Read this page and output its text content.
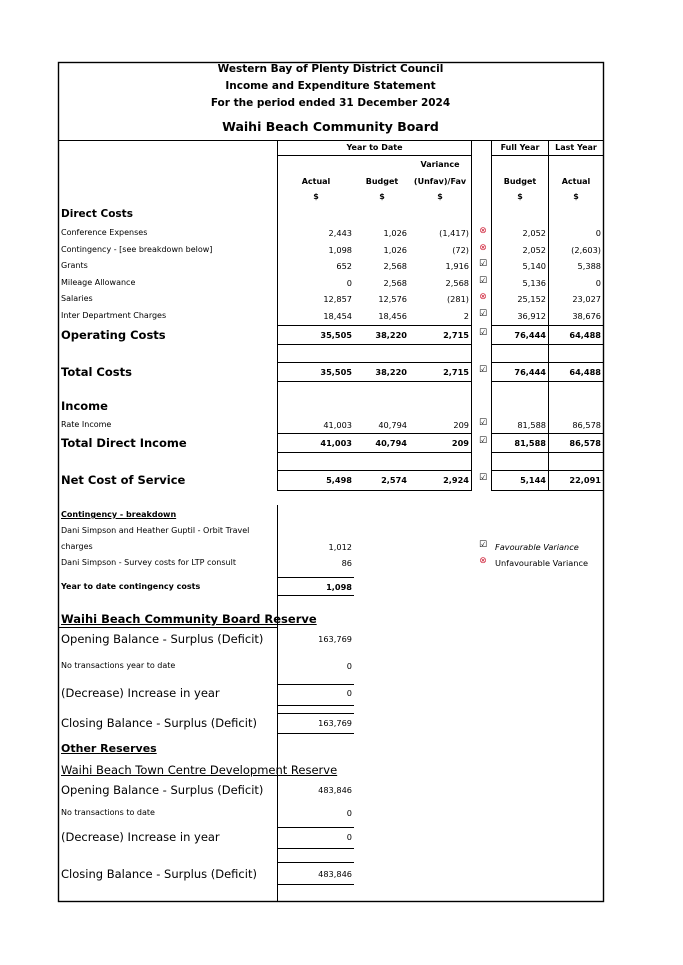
Western Bay of Plenty District Council
Income and Expenditure Statement
For the period ended 31 December 2024
Waihi Beach Community Board
Year to Date	Full Year	Last Year
Variance
Actual	Budget	(Unfav)/Fav	Budget	Actual
$	$	$	$	$
Direct Costs
Conference Expenses	2,443	1,026	(1,417)	⊗	2,052	0
Contingency - [see breakdown below]	1,098	1,026	(72)	⊗	2,052	(2,603)
Grants	652	2,568	1,916	☑	5,140	5,388
Mileage Allowance	0	2,568	2,568	☑	5,136	0
Salaries	12,857	12,576	(281)	⊗	25,152	23,027
Inter Department Charges	18,454	18,456	2	☑	36,912	38,676
Operating Costs	35,505	38,220	2,715	☑	76,444	64,488
Total Costs	35,505	38,220	2,715	☑	76,444	64,488
Income
Rate Income	41,003	40,794	209	☑	81,588	86,578
Total Direct Income	41,003	40,794	209	☑	81,588	86,578
Net Cost of Service	5,498	2,574	2,924	☑	5,144	22,091
Contingency - breakdown
Dani Simpson and Heather Guptil - Orbit Travel
charges	1,012
Dani Simpson - Survey costs for LTP consult	86
Year to date contingency costs	1,098
☑ Favourable Variance
⊗	Unfavourable Variance
Waihi Beach Community Board Reserve
Opening Balance - Surplus (Deficit)	163,769
No transactions year to date	0
(Decrease) Increase in year	0
Closing Balance - Surplus (Deficit)	163,769
Other Reserves
Waihi Beach Town Centre Development Reserve
Opening Balance - Surplus (Deficit)	483,846
No transactions to date	0
(Decrease) Increase in year	0
Closing Balance - Surplus (Deficit)	483,846
